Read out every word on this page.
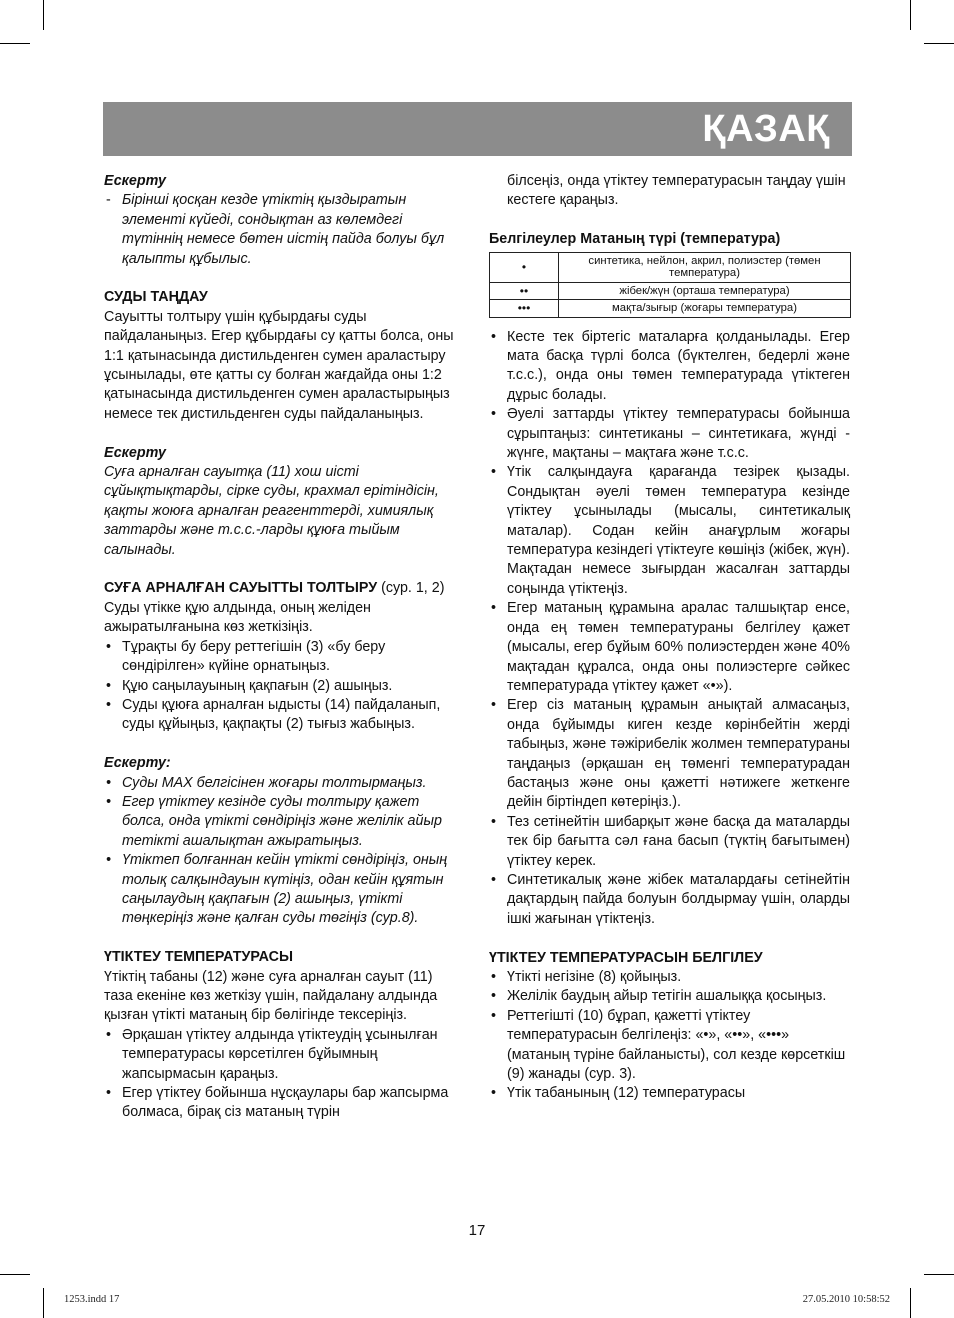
ҚАЗАҚ
Ескерту
- Бірінші қосқан кезде үтіктің қыздыратын элементі күйеді, сондықтан аз көлемдегі түтіннің немесе бөтен иістің пайда болуы бұл қалыпты құбылыс.
СУДЫ ТАҢДАУ
Сауытты толтыру үшін құбырдағы суды пайдаланыңыз. Егер құбырдағы су қатты болса, оны 1:1 қатынасында дистильденген сумен араластыру ұсынылады, өте қатты су болған жағдайда оны 1:2 қатынасында дистильденген сумен араластырыңыз немесе тек дистильденген суды пайдаланыңыз.
Ескерту
Суға арналған сауытқа (11) хош иісті сұйықтықтарды, сірке суды, крахмал ерітіндісін, қақты жоюға арналған реагенттерді, химиялық заттарды және т.с.с.-ларды құюға тыйым салынады.
СУҒА АРНАЛҒАН САУЫТТЫ ТОЛТЫРУ (сур. 1, 2)
Суды үтікке құю алдында, оның желіден ажыратылғанына көз жеткізіңіз.
• Тұрақты бу беру реттегішін (3) «бу беру сөндірілген» күйіне орнатыңыз.
• Құю саңылауының қақпағын (2) ашыңыз.
• Суды құюға арналған ыдысты (14) пайдаланып, суды құйыңыз, қақпақты (2) тығыз жабыңыз.
Ескерту:
• Суды MAX белгісінен жоғары толтырмаңыз.
• Егер үтіктеу кезінде суды толтыру қажет болса, онда үтікті сөндіріңіз және желілік айыр тетікті ашалықтан ажыратыңыз.
• Үтіктеп болғаннан кейін үтікті сөндіріңіз, оның толық салқындауын күтіңіз, одан кейін құятын саңылаудың қақпағын (2) ашыңыз, үтікті төңкеріңіз және қалған суды төгіңіз (сур.8).
ҮТІКТЕУ ТЕМПЕРАТУРАСЫ
Үтіктің табаны (12) және суға арналған сауыт (11) таза екеніне көз жеткізу үшін, пайдалану алдында қызған үтікті матаның бір бөлігінде тексеріңіз.
• Әрқашан үтіктеу алдында үтіктеудің ұсынылған температурасы көрсетілген бұйымның жапсырмасын қараңыз.
• Егер үтіктеу бойынша нұсқаулары бар жапсырма болмаса, бірақ сіз матаның түрін
білсеңіз, онда үтіктеу температурасын таңдау үшін кестеге қараңыз.
Белгілеулер Матаның түрі (температура)
•	синтетика, нейлон, акрил, полиэстер (төмен температура)
••	жібек/жүн (орташа температура)
•••	мақта/зығыр (жоғары температура)
• Кесте тек біртегіс маталарға қолданылады. Егер мата басқа түрлі болса (бүктелген, бедерлі және т.с.с.), онда оны төмен температурада үтіктеген дұрыс болады.
• Әуелі заттарды үтіктеу температурасы бойынша сұрыптаңыз: синтетиканы – синтетикаға, жүнді - жүнге, мақтаны – мақтаға және т.с.с.
• Үтік салқындауға қарағанда тезірек қызады. Сондықтан әуелі төмен температура кезінде үтіктеу ұсынылады (мысалы, синтетикалық маталар). Содан кейін анағұрлым жоғары температура кезіндегі үтіктеуге көшіңіз (жібек, жүн). Мақтадан немесе зығырдан жасалған заттарды соңында үтіктеңіз.
• Егер матаның құрамына аралас талшықтар енсе, онда ең төмен температураны белгілеу қажет (мысалы, егер бұйым 60% полиэстерден және 40% мақтадан құралса, онда оны полиэстерге сәйкес температурада үтіктеу қажет «•»).
• Егер сіз матаның құрамын анықтай алмасаңыз, онда бұйымды киген кезде көрінбейтін жерді табыңыз, және тәжірибелік жолмен температураны таңдаңыз (әрқашан ең төменгі температурадан бастаңыз және оны қажетті нәтижеге жеткенге дейін біртіндеп көтеріңіз.).
• Тез сетінейтін шибарқыт және басқа да маталарды тек бір бағытта сәл ғана басып (түктің бағытымен) үтіктеу керек.
• Синтетикалық және жібек маталардағы сетінейтін дақтардың пайда болуын болдырмау үшін, оларды ішкі жағынан үтіктеңіз.
ҮТІКТЕУ ТЕМПЕРАТУРАСЫН БЕЛГІЛЕУ
• Үтікті негізіне (8) қойыңыз.
• Желілік баудың айыр тетігін ашалыққа қосыңыз.
• Реттегішті (10) бұрап, қажетті үтіктеу температурасын белгілеңіз: «•», «••», «•••» (матаның түріне байланысты), сол кезде көрсеткіш (9) жанады (сур. 3).
• Үтік табанының (12) температурасы
17
1253.indd 17	27.05.2010 10:58:52
